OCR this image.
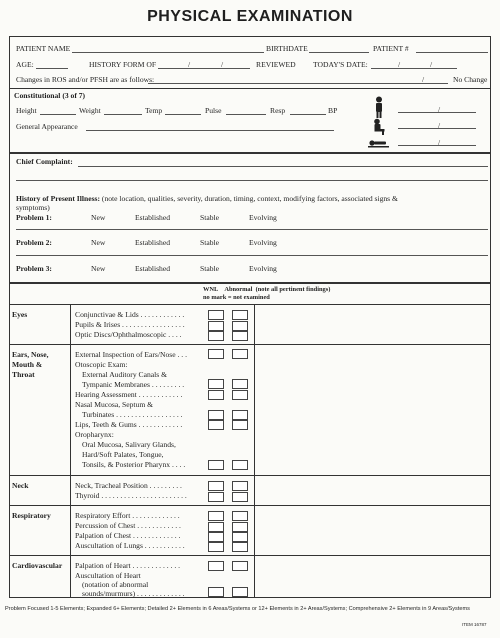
PHYSICAL EXAMINATION
PATIENT NAME	BIRTHDATE	PATIENT #
AGE:	HISTORY FORM OF	/	/	REVIEWED TODAY'S DATE:	/	/
Changes in ROS and/or PFSH are as follows:	/	No Change
Constitutional (3 of 7)
Height	Weight	Temp	Pulse	Resp	BP
General Appearance
/
/
/
Chief Complaint:
History of Present Illness: (note location, qualities, severity, duration, timing, context, modifying factors, associated signs &
symptoms)
Problem 1:	New	Established	Stable	Evolving
Problem 2:	New	Established	Stable	Evolving
Problem 3:	New	Established	Stable	Evolving
WNL Abnormal (note all pertinent findings)
no mark = not examined
Eyes	Conjunctivae & Lids . . . . . . . . . . . .
Pupils & Irises . . . . . . . . . . . . . . . . .
Optic Discs/Ophthalmoscopic . . . .
Ears, Nose,
Mouth &
Throat
External Inspection of Ears/Nose . . .
Otoscopic Exam:
External Auditory Canals &
Tympanic Membranes . . . . . . . . .
Hearing Assessment . . . . . . . . . . . .
Nasal Mucosa, Septum &
Turbinates . . . . . . . . . . . . . . . . . .
Lips, Teeth & Gums . . . . . . . . . . . .
Oropharynx:
Oral Mucosa, Salivary Glands,
Hard/Soft Palates, Tongue,
Tonsils, & Posterior Pharynx . . . .
Neck	Neck, Tracheal Position . . . . . . . . .
Thyroid . . . . . . . . . . . . . . . . . . . . . . .
Respiratory	Respiratory Effort . . . . . . . . . . . . .
Percussion of Chest . . . . . . . . . . . .
Palpation of Chest . . . . . . . . . . . . .
Auscultation of Lungs . . . . . . . . . . .
Cardiovascular Palpation of Heart . . . . . . . . . . . . .
Auscultation of Heart
(notation of abnormal
sounds/murmurs) . . . . . . . . . . . . .
Problem Focused 1-5 Elements; Expanded 6+ Elements; Detailed 2+ Elements in 6 Areas/Systems or 12+ Elements in 2+ Areas/Systems; Comprehensive 2+ Elements in 9 Areas/Systems
ITEM 16787
